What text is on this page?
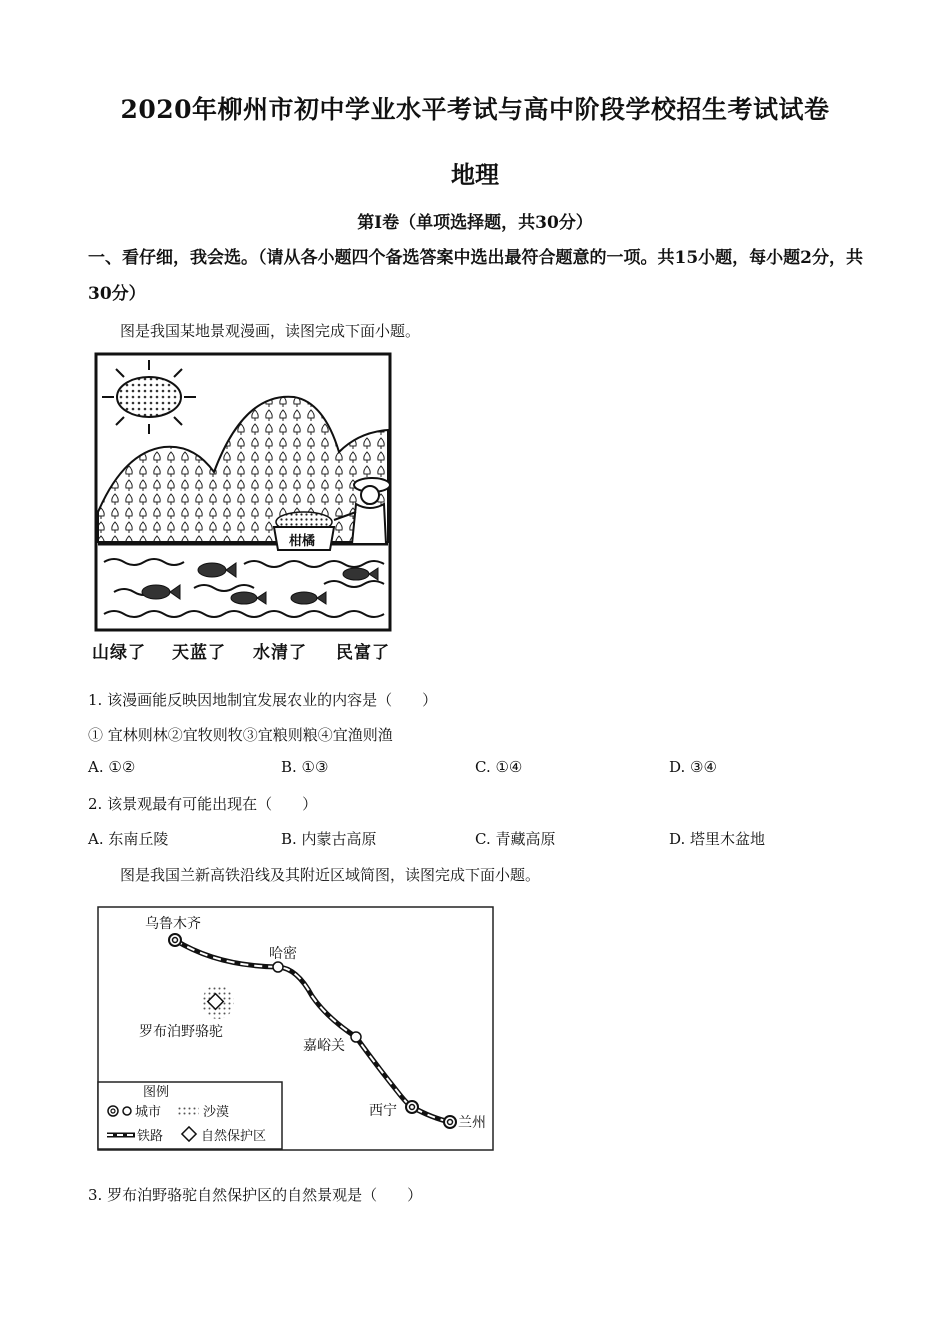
2020年柳州市初中学业水平考试与高中阶段学校招生考试试卷
地理
第Ⅰ卷（单项选择题，共30分）
一、看仔细，我会选。（请从各小题四个备选答案中选出最符合题意的一项。共15小题，每小题2分，共30分）
图是我国某地景观漫画，读图完成下面小题。
柑橘
山绿了 天蓝了 水清了 民富了
1. 该漫画能反映因地制宜发展农业的内容是（　　）
① 宜林则林②宜牧则牧③宜粮则粮④宜渔则渔
A. ①②	B. ①③	C. ①④	D. ③④
2. 该景观最有可能出现在（　　）
A. 东南丘陵	B. 内蒙古高原	C. 青藏高原	D. 塔里木盆地
图是我国兰新高铁沿线及其附近区域简图，读图完成下面小题。
乌鲁木齐
哈密
嘉峪关
西宁
兰州
罗布泊野骆驼
图例
城市	沙漠
铁路	自然保护区
3. 罗布泊野骆驼自然保护区的自然景观是（　　）
